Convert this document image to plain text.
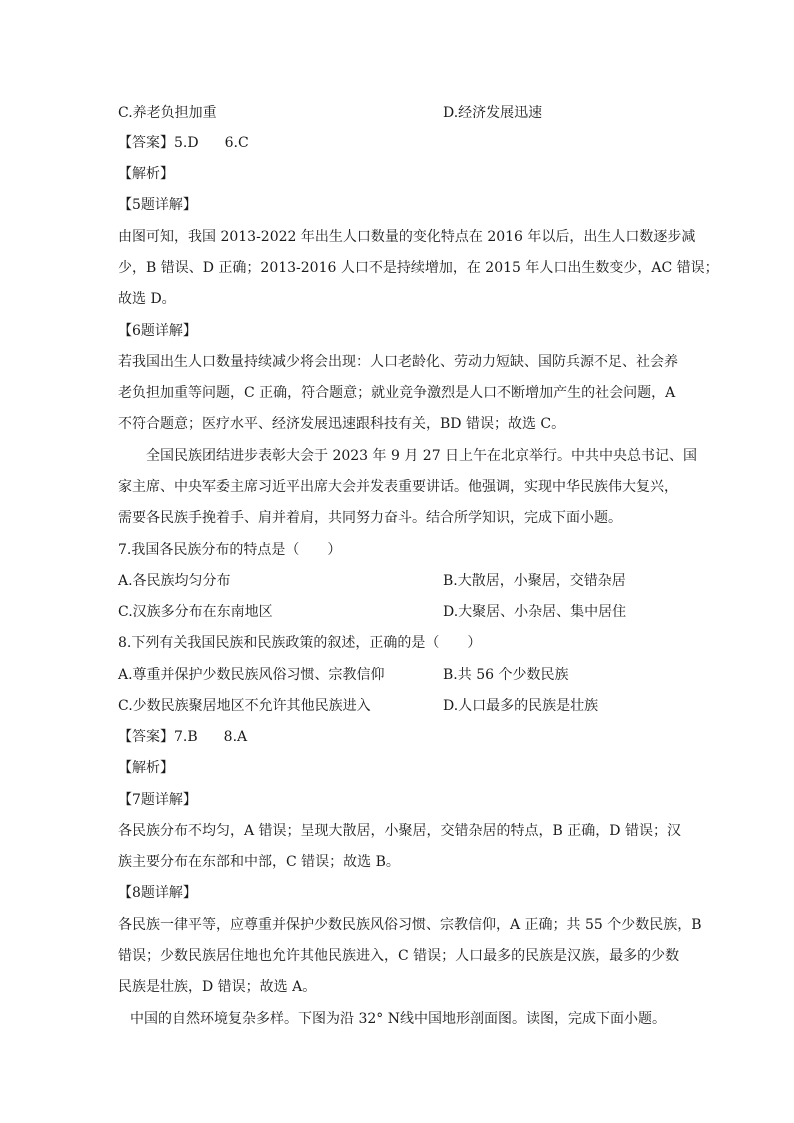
C.养老负担加重	D.经济发展迅速
【答案】5.D 6.C
【解析】
【5题详解】
由图可知，我国 2013-2022 年出生人口数量的变化特点在 2016 年以后，出生人口数逐步减
少，B 错误、D 正确；2013-2016 人口不是持续增加，在 2015 年人口出生数变少，AC 错误；
故选 D。
【6题详解】
若我国出生人口数量持续减少将会出现：人口老龄化、劳动力短缺、国防兵源不足、社会养
老负担加重等问题，C 正确，符合题意；就业竞争激烈是人口不断增加产生的社会问题，A
不符合题意；医疗水平、经济发展迅速跟科技有关，BD 错误；故选 C。
全国民族团结进步表彰大会于 2023 年 9 月 27 日上午在北京举行。中共中央总书记、国
家主席、中央军委主席习近平出席大会并发表重要讲话。他强调，实现中华民族伟大复兴，
需要各民族手挽着手、肩并着肩，共同努力奋斗。结合所学知识，完成下面小题。
7.我国各民族分布的特点是（　　）
A.各民族均匀分布	B.大散居，小聚居，交错杂居
C.汉族多分布在东南地区	D.大聚居、小杂居、集中居住
8.下列有关我国民族和民族政策的叙述，正确的是（　　）
A.尊重并保护少数民族风俗习惯、宗教信仰	B.共 56 个少数民族
C.少数民族聚居地区不允许其他民族进入	D.人口最多的民族是壮族
【答案】7.B 8.A
【解析】
【7题详解】
各民族分布不均匀，A 错误；呈现大散居，小聚居，交错杂居的特点，B 正确，D 错误；汉
族主要分布在东部和中部，C 错误；故选 B。
【8题详解】
各民族一律平等，应尊重并保护少数民族风俗习惯、宗教信仰，A 正确；共 55 个少数民族，B
错误；少数民族居住地也允许其他民族进入，C 错误；人口最多的民族是汉族，最多的少数
民族是壮族，D 错误；故选 A。
中国的自然环境复杂多样。下图为沿 32° N线中国地形剖面图。读图，完成下面小题。
